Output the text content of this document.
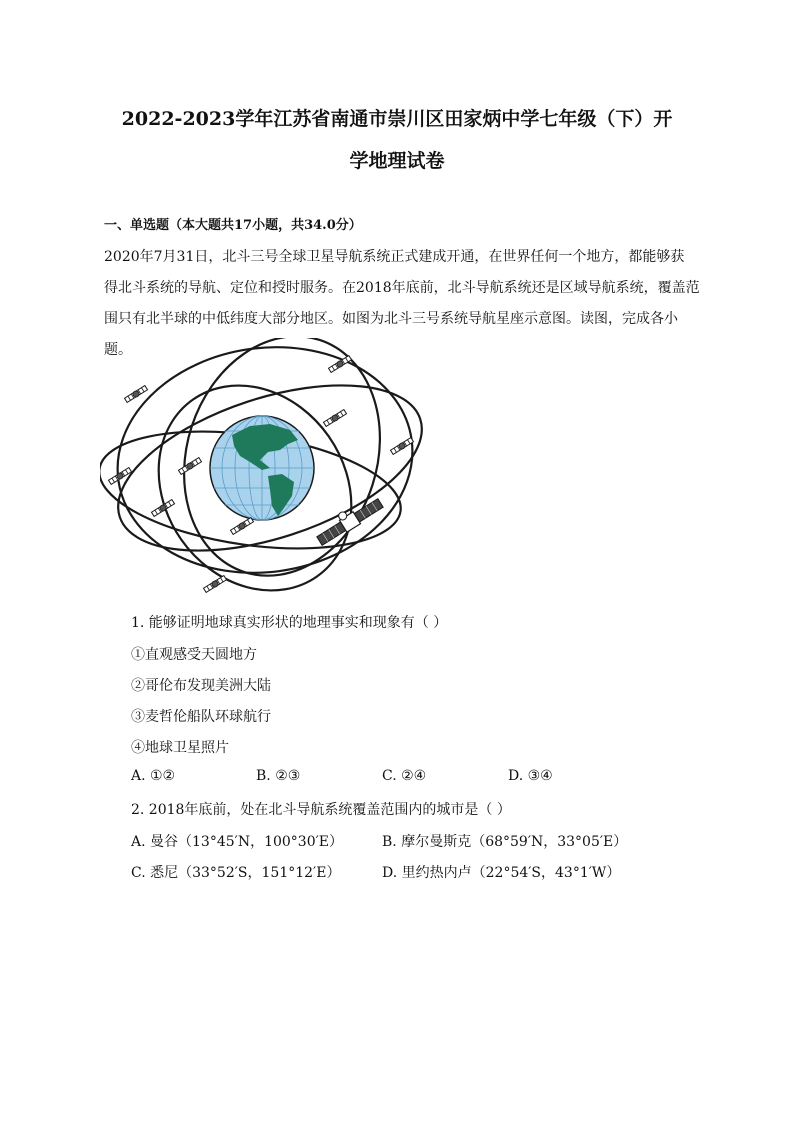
2022-2023学年江苏省南通市崇川区田家炳中学七年级（下）开
学地理试卷
一、单选题（本大题共17小题，共34.0分）
2020年7月31日，北斗三号全球卫星导航系统正式建成开通，在世界任何一个地方，都能够获
得北斗系统的导航、定位和授时服务。在2018年底前，北斗导航系统还是区域导航系统，覆盖范
围只有北半球的中低纬度大部分地区。如图为北斗三号系统导航星座示意图。读图，完成各小题。
1. 能够证明地球真实形状的地理事实和现象有（ ）
①直观感受天圆地方
②哥伦布发现美洲大陆
③麦哲伦船队环球航行
④地球卫星照片
A. ①②	B. ②③	C. ②④	D. ③④
2. 2018年底前，处在北斗导航系统覆盖范围内的城市是（ ）
A. 曼谷（13°45′N，100°30′E）	B. 摩尔曼斯克（68°59′N，33°05′E）
C. 悉尼（33°52′S，151°12′E）	D. 里约热内卢（22°54′S，43°1′W）
